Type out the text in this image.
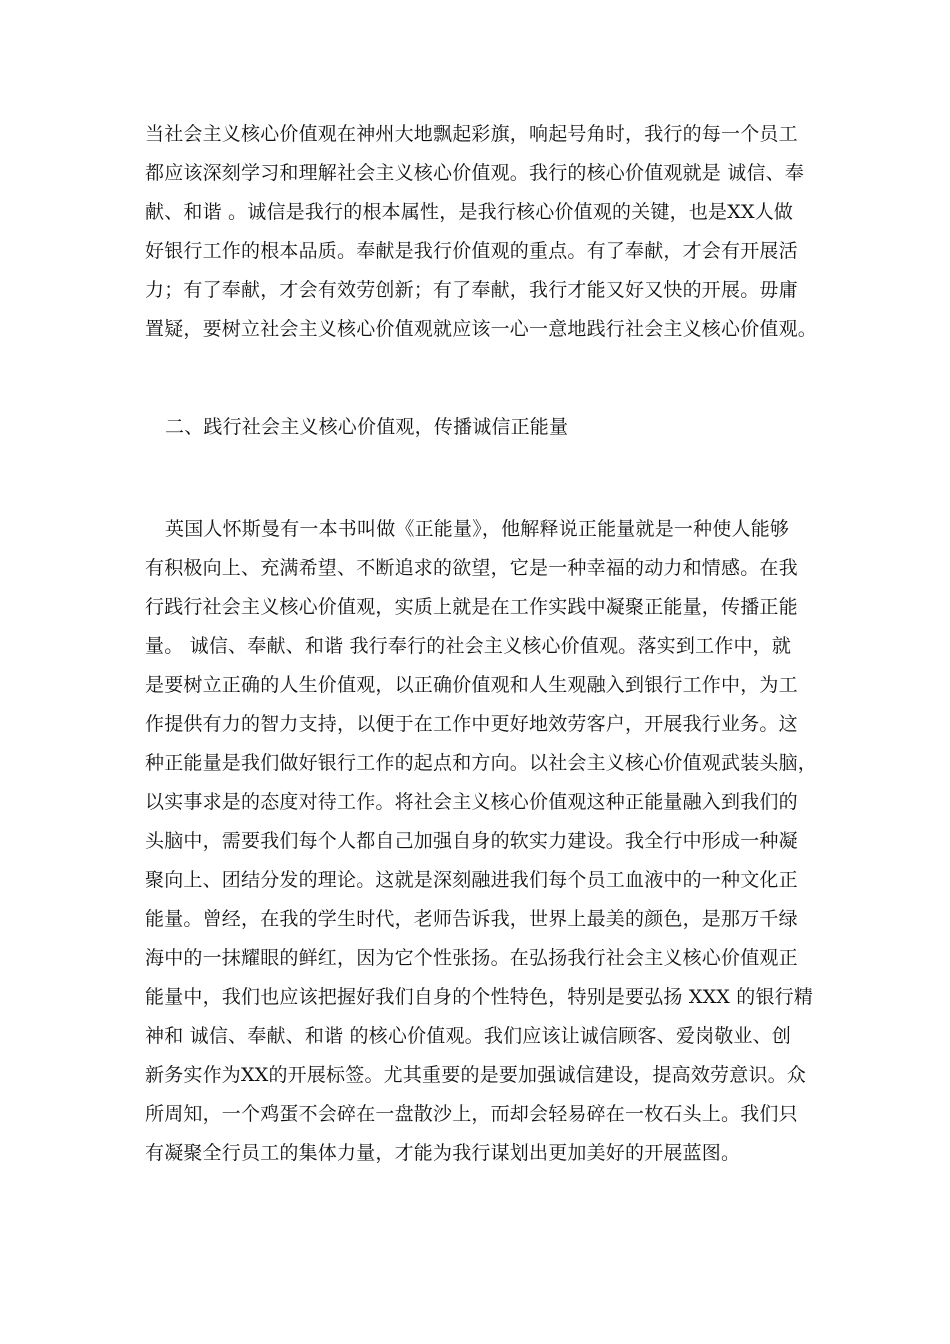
当社会主义核心价值观在神州大地飘起彩旗，响起号角时，我行的每一个员工
都应该深刻学习和理解社会主义核心价值观。我行的核心价值观就是 诚信、奉
献、和谐 。诚信是我行的根本属性，是我行核心价值观的关键，也是XX人做
好银行工作的根本品质。奉献是我行价值观的重点。有了奉献，才会有开展活
力；有了奉献，才会有效劳创新；有了奉献，我行才能又好又快的开展。毋庸
置疑，要树立社会主义核心价值观就应该一心一意地践行社会主义核心价值观。
二、践行社会主义核心价值观，传播诚信正能量
英国人怀斯曼有一本书叫做《正能量》，他解释说正能量就是一种使人能够
有积极向上、充满希望、不断追求的欲望，它是一种幸福的动力和情感。在我
行践行社会主义核心价值观，实质上就是在工作实践中凝聚正能量，传播正能
量。 诚信、奉献、和谐 我行奉行的社会主义核心价值观。落实到工作中，就
是要树立正确的人生价值观，以正确价值观和人生观融入到银行工作中，为工
作提供有力的智力支持，以便于在工作中更好地效劳客户，开展我行业务。这
种正能量是我们做好银行工作的起点和方向。以社会主义核心价值观武装头脑，
以实事求是的态度对待工作。将社会主义核心价值观这种正能量融入到我们的
头脑中，需要我们每个人都自己加强自身的软实力建设。我全行中形成一种凝
聚向上、团结分发的理论。这就是深刻融进我们每个员工血液中的一种文化正
能量。曾经，在我的学生时代，老师告诉我，世界上最美的颜色，是那万千绿
海中的一抹耀眼的鲜红，因为它个性张扬。在弘扬我行社会主义核心价值观正
能量中，我们也应该把握好我们自身的个性特色，特别是要弘扬 XXX 的银行精
神和 诚信、奉献、和谐 的核心价值观。我们应该让诚信顾客、爱岗敬业、创
新务实作为XX的开展标签。尤其重要的是要加强诚信建设，提高效劳意识。众
所周知，一个鸡蛋不会碎在一盘散沙上，而却会轻易碎在一枚石头上。我们只
有凝聚全行员工的集体力量，才能为我行谋划出更加美好的开展蓝图。
